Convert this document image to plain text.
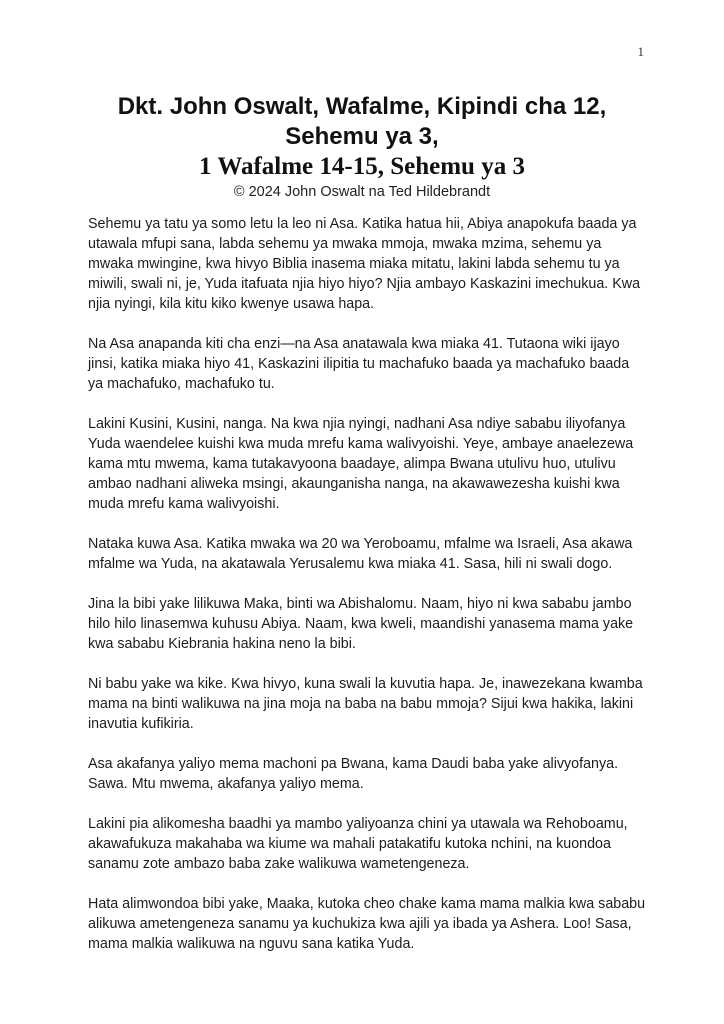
1
Dkt. John Oswalt, Wafalme, Kipindi cha 12, Sehemu ya 3,
1 Wafalme 14-15, Sehemu ya 3

© 2024 John Oswalt na Ted Hildebrandt

Sehemu ya tatu ya somo letu la leo ni Asa. Katika hatua hii, Abiya anapokufa baada ya utawala mfupi sana, labda sehemu ya mwaka mmoja, mwaka mzima, sehemu ya mwaka mwingine, kwa hivyo Biblia inasema miaka mitatu, lakini labda sehemu tu ya miwili, swali ni, je, Yuda itafuata njia hiyo hiyo? Njia ambayo Kaskazini imechukua. Kwa njia nyingi, kila kitu kiko kwenye usawa hapa.

Na Asa anapanda kiti cha enzi—na Asa anatawala kwa miaka 41. Tutaona wiki ijayo jinsi, katika miaka hiyo 41, Kaskazini ilipitia tu machafuko baada ya machafuko baada ya machafuko, machafuko tu.

Lakini Kusini, Kusini, nanga. Na kwa njia nyingi, nadhani Asa ndiye sababu iliyofanya Yuda waendelee kuishi kwa muda mrefu kama walivyoishi. Yeye, ambaye anaelezewa kama mtu mwema, kama tutakavyoona baadaye, alimpa Bwana utulivu huo, utulivu ambao nadhani aliweka msingi, akaunganisha nanga, na akawawezesha kuishi kwa muda mrefu kama walivyoishi.

Nataka kuwa Asa. Katika mwaka wa 20 wa Yeroboamu, mfalme wa Israeli, Asa akawa mfalme wa Yuda, na akatawala Yerusalemu kwa miaka 41. Sasa, hili ni swali dogo.

Jina la bibi yake lilikuwa Maka, binti wa Abishalomu. Naam, hiyo ni kwa sababu jambo hilo hilo linasemwa kuhusu Abiya. Naam, kwa kweli, maandishi yanasema mama yake kwa sababu Kiebrania hakina neno la bibi.

Ni babu yake wa kike. Kwa hivyo, kuna swali la kuvutia hapa. Je, inawezekana kwamba mama na binti walikuwa na jina moja na baba na babu mmoja? Sijui kwa hakika, lakini inavutia kufikiria.

Asa akafanya yaliyo mema machoni pa Bwana, kama Daudi baba yake alivyofanya. Sawa. Mtu mwema, akafanya yaliyo mema.

Lakini pia alikomesha baadhi ya mambo yaliyoanza chini ya utawala wa Rehoboamu, akawafukuza makahaba wa kiume wa mahali patakatifu kutoka nchini, na kuondoa sanamu zote ambazo baba zake walikuwa wametengeneza.

Hata alimwondoa bibi yake, Maaka, kutoka cheo chake kama mama malkia kwa sababu alikuwa ametengeneza sanamu ya kuchukiza kwa ajili ya ibada ya Ashera. Loo! Sasa, mama malkia walikuwa na nguvu sana katika Yuda.
